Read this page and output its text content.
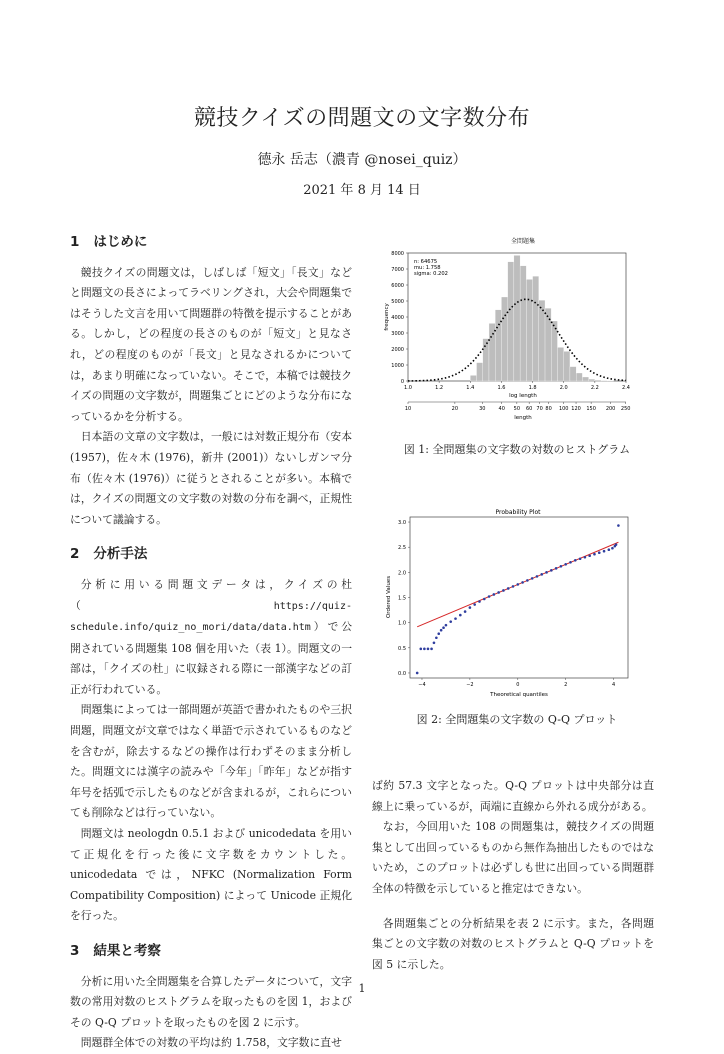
競技クイズの問題文の文字数分布
德永 岳志（濃青 @nosei_quiz）
2021 年 8 月 14 日
1 はじめに

競技クイズの問題文は，しばしば「短文」「長文」などと問題文の長さによってラベリングされ，大会や問題集ではそうした文言を用いて問題群の特徴を提示することがある。しかし，どの程度の長さのものが「短文」と見なされ，どの程度のものが「長文」と見なされるかについては，あまり明確になっていない。そこで，本稿では競技クイズの問題の文字数が，問題集ごとにどのような分布になっているかを分析する。

日本語の文章の文字数は，一般には対数正規分布（安本 (1957)，佐々木 (1976)，新井 (2001)）ないしガンマ分布（佐々木 (1976)）に従うとされることが多い。本稿では，クイズの問題文の文字数の対数の分布を調べ，正規性について議論する。

2 分析手法

分析に用いる問題文データは，クイズの杜（https://quiz-schedule.info/quiz_no_mori/data/data.htm）で公開されている問題集 108 個を用いた（表 1）。問題文の一部は，「クイズの杜」に収録される際に一部漢字などの訂正が行われている。

問題集によっては一部問題が英語で書かれたものや三択問題，問題文が文章ではなく単語で示されているものなどを含むが，除去するなどの操作は行わずそのまま分析した。問題文には漢字の読みや「今年」「昨年」などが指す年号を括弧で示したものなどが含まれるが，これらについても削除などは行っていない。

問題文は neologdn 0.5.1 および unicodedata を用いて正規化を行った後に文字数をカウントした。unicodedata では，NFKC (Normalization Form Compatibility Composition) によって Unicode 正規化を行った。

3 結果と考察

分析に用いた全問題集を合算したデータについて，文字数の常用対数のヒストグラムを取ったものを図 1，およびその Q-Q プロットを取ったものを図 2 に示す。

問題群全体での対数の平均は約 1.758，文字数に直せ

全問題集
0
1000
2000
3000
4000
5000
6000
7000
8000
1.0	1.2	1.4	1.6	1.8	2.0	2.2	2.4
n: 64675
mu: 1.758
sigma: 0.202
log length
frequency
10	20	30	40 50 60 70 80 100 120 150 200 250
length
図 1: 全問題集の文字数の対数のヒストグラム
Probability Plot
0.0
0.5
1.0
1.5
2.0
2.5
3.0
−4	−2	0	2	4
Theoretical quantiles
Ordered Values
図 2: 全問題集の文字数の Q-Q プロット

ば約 57.3 文字となった。Q-Q プロットは中央部分は直線上に乗っているが，両端に直線から外れる成分がある。

なお，今回用いた 108 の問題集は，競技クイズの問題集として出回っているものから無作為抽出したものではないため，このプロットは必ずしも世に出回っている問題群全体の特徴を示していると推定はできない。

各問題集ごとの分析結果を表 2 に示す。また，各問題集ごとの文字数の対数のヒストグラムと Q-Q プロットを図 5 に示した。

1
